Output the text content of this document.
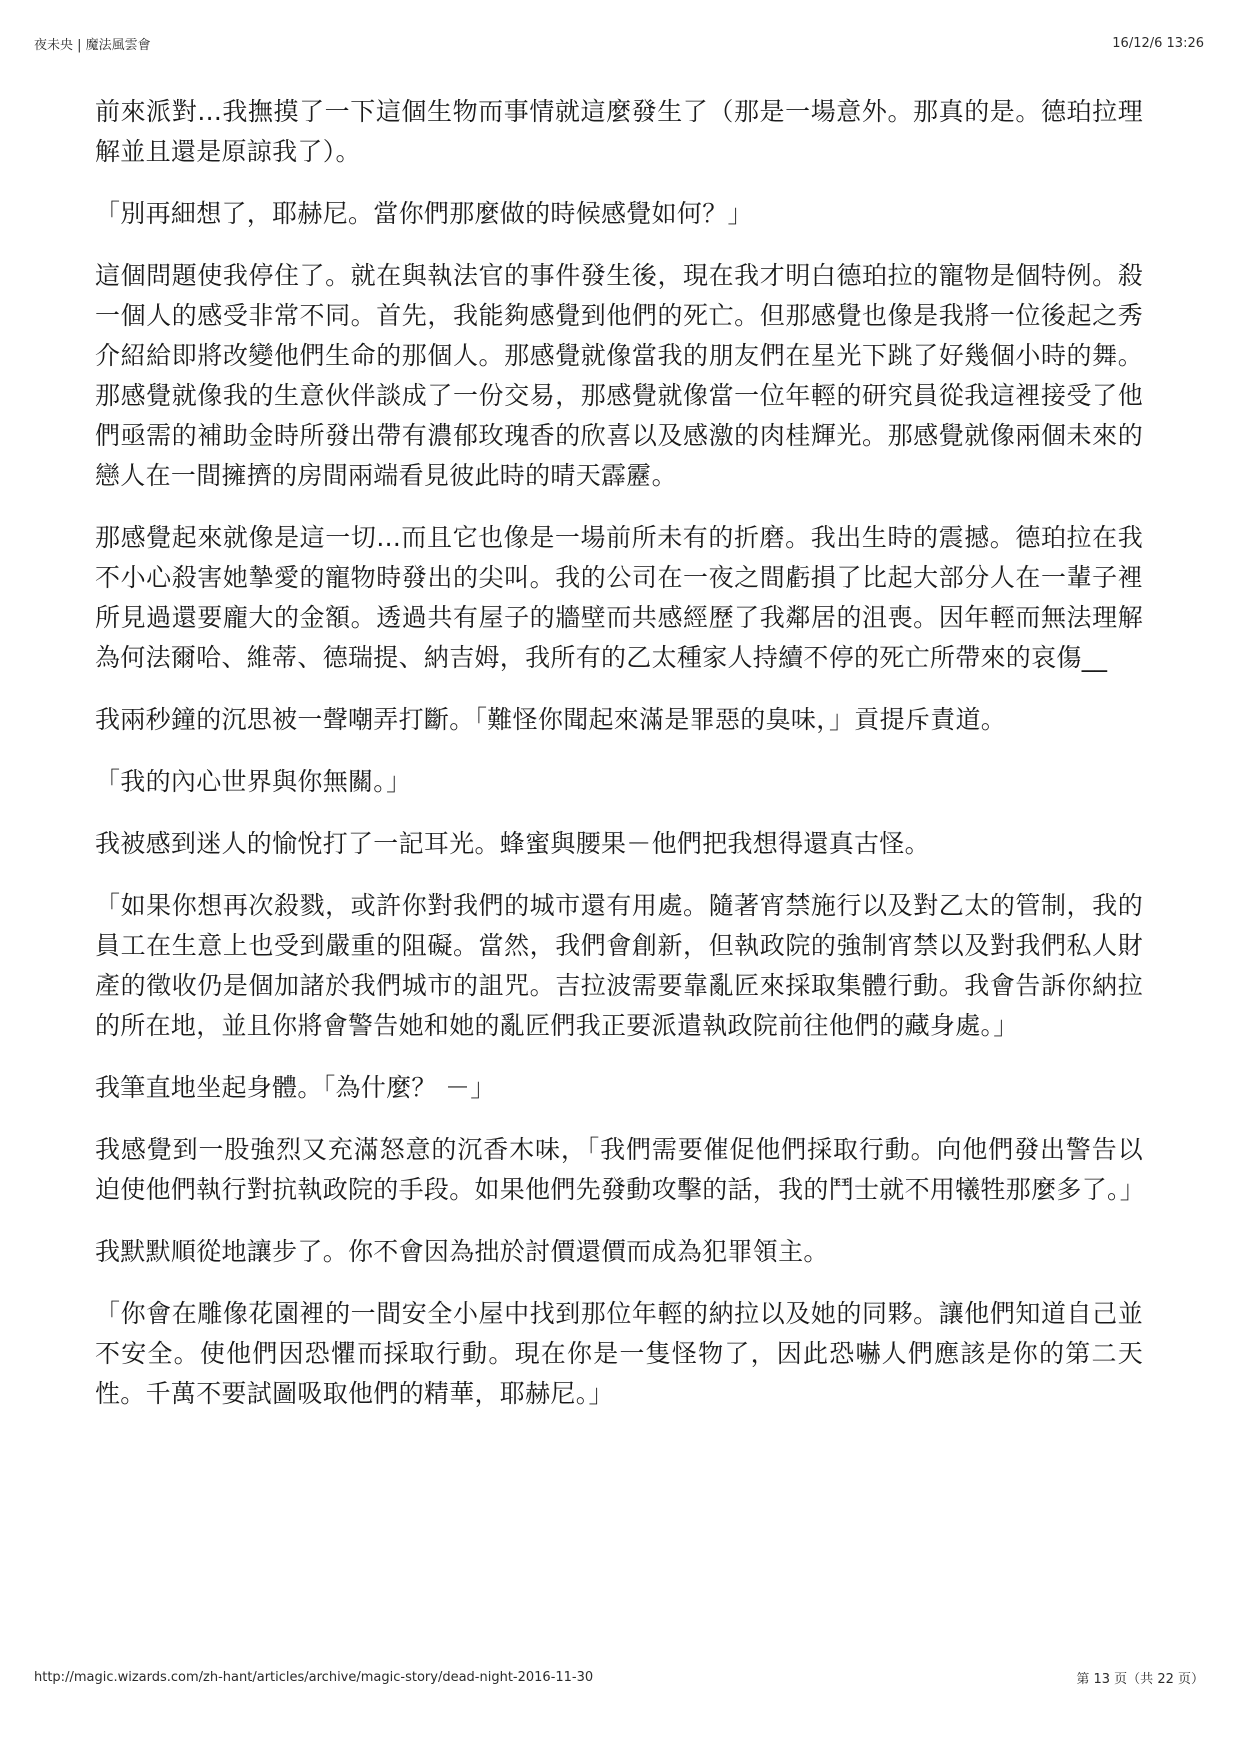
夜未央 | 魔法風雲會	16/12/6 13:26

前來派對...我撫摸了一下這個生物而事情就這麼發生了（那是一場意外。那真的是。德珀拉理解並且還是原諒我了）。

「別再細想了，耶赫尼。當你們那麼做的時候感覺如何？」

這個問題使我停住了。就在與執法官的事件發生後，現在我才明白德珀拉的寵物是個特例。殺一個人的感受非常不同。首先，我能夠感覺到他們的死亡。但那感覺也像是我將一位後起之秀介紹給即將改變他們生命的那個人。那感覺就像當我的朋友們在星光下跳了好幾個小時的舞。那感覺就像我的生意伙伴談成了一份交易，那感覺就像當一位年輕的研究員從我這裡接受了他們亟需的補助金時所發出帶有濃郁玫瑰香的欣喜以及感激的肉桂輝光。那感覺就像兩個未來的戀人在一間擁擠的房間兩端看見彼此時的晴天霹靂。

那感覺起來就像是這一切...而且它也像是一場前所未有的折磨。我出生時的震撼。德珀拉在我不小心殺害她摯愛的寵物時發出的尖叫。我的公司在一夜之間虧損了比起大部分人在一輩子裡所見過還要龐大的金額。透過共有屋子的牆壁而共感經歷了我鄰居的沮喪。因年輕而無法理解為何法爾哈、維蒂、德瑞提、納吉姆，我所有的乙太種家人持續不停的死亡所帶來的哀傷__

我兩秒鐘的沉思被一聲嘲弄打斷。「難怪你聞起來滿是罪惡的臭味，」貢提斥責道。

「我的內心世界與你無關。」

我被感到迷人的愉悅打了一記耳光。蜂蜜與腰果－他們把我想得還真古怪。

「如果你想再次殺戮，或許你對我們的城市還有用處。隨著宵禁施行以及對乙太的管制，我的員工在生意上也受到嚴重的阻礙。當然，我們會創新，但執政院的強制宵禁以及對我們私人財產的徵收仍是個加諸於我們城市的詛咒。吉拉波需要靠亂匠來採取集體行動。我會告訴你納拉的所在地，並且你將會警告她和她的亂匠們我正要派遣執政院前往他們的藏身處。」

我筆直地坐起身體。「為什麼？ －」

我感覺到一股強烈又充滿怒意的沉香木味，「我們需要催促他們採取行動。向他們發出警告以迫使他們執行對抗執政院的手段。如果他們先發動攻擊的話，我的鬥士就不用犧牲那麼多了。」

我默默順從地讓步了。你不會因為拙於討價還價而成為犯罪領主。

「你會在雕像花園裡的一間安全小屋中找到那位年輕的納拉以及她的同夥。讓他們知道自己並不安全。使他們因恐懼而採取行動。現在你是一隻怪物了，因此恐嚇人們應該是你的第二天性。千萬不要試圖吸取他們的精華，耶赫尼。」

http://magic.wizards.com/zh-hant/articles/archive/magic-story/dead-night-2016-11-30	第 13 页（共 22 页）
